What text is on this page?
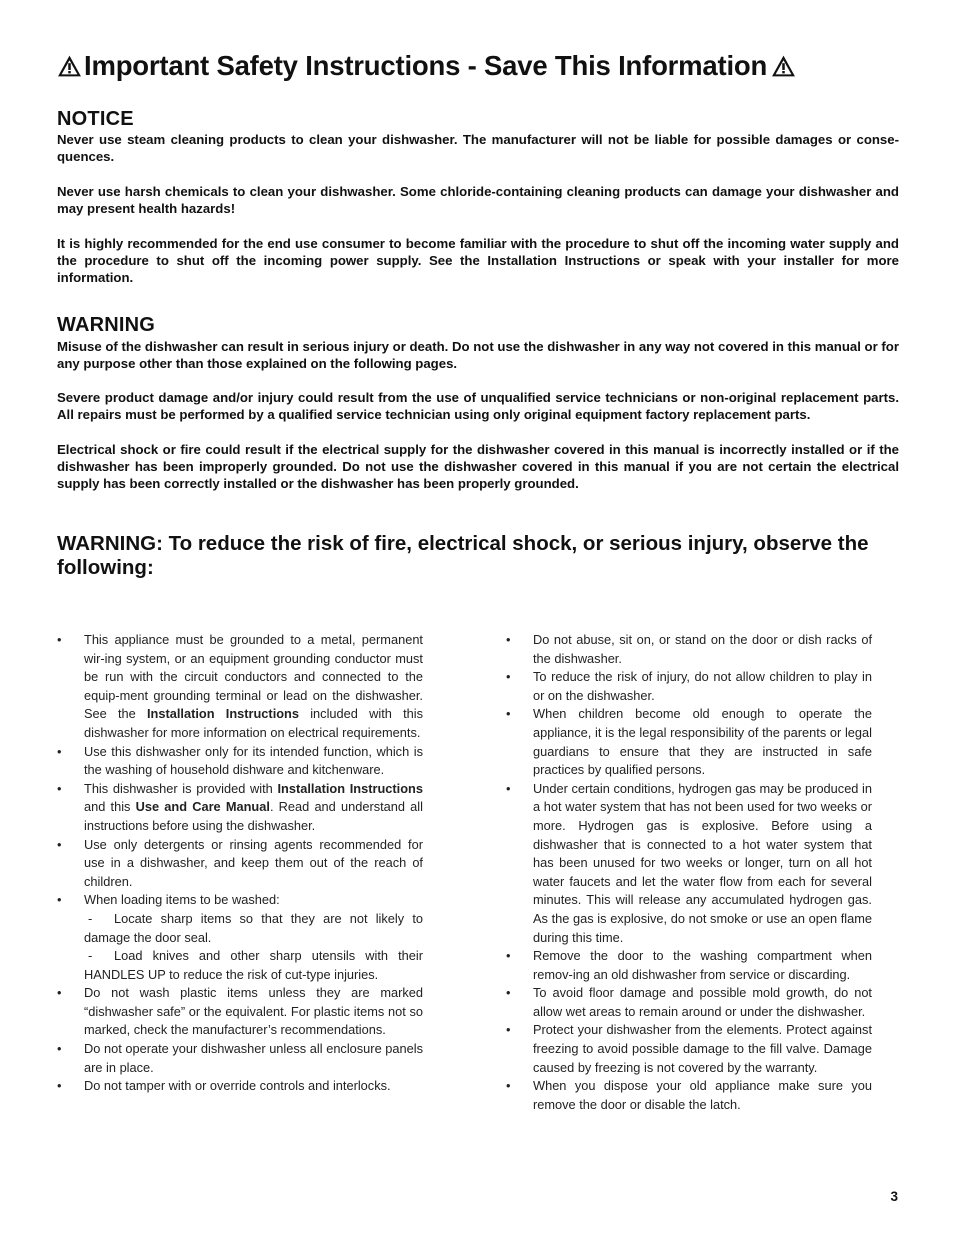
Important Safety Instructions - Save This Information
NOTICE

Never use steam cleaning products to clean your dishwasher. The manufacturer will not be liable for possible damages or conse-quences.

Never use harsh chemicals to clean your dishwasher. Some chloride-containing cleaning products can damage your dishwasher and may present health hazards!

It is highly recommended for the end use consumer to become familiar with the procedure to shut off the incoming water supply and the procedure to shut off the incoming power supply. See the Installation Instructions or speak with your installer for more information.

WARNING

Misuse of the dishwasher can result in serious injury or death. Do not use the dishwasher in any way not covered in this manual or for any purpose other than those explained on the following pages.

Severe product damage and/or injury could result from the use of unqualified service technicians or non-original replacement parts. All repairs must be performed by a qualified service technician using only original equipment factory replacement parts.

Electrical shock or fire could result if the electrical supply for the dishwasher covered in this manual is incorrectly installed or if the dishwasher has been improperly grounded. Do not use the dishwasher covered in this manual if you are not certain the electrical supply has been correctly installed or the dishwasher has been properly grounded.

WARNING: To reduce the risk of fire, electrical shock, or serious injury, observe the following:
• This appliance must be grounded to a metal, permanent wir-ing system, or an equipment grounding conductor must be run with the circuit conductors and connected to the equip-ment grounding terminal or lead on the dishwasher. See the Installation Instructions included with this dishwasher for more information on electrical requirements.
• Use this dishwasher only for its intended function, which is the washing of household dishware and kitchenware.
• This dishwasher is provided with Installation Instructions and this Use and Care Manual. Read and understand all instructions before using the dishwasher.
• Use only detergents or rinsing agents recommended for use in a dishwasher, and keep them out of the reach of children.
• When loading items to be washed:
- Locate sharp items so that they are not likely to damage the door seal.
- Load knives and other sharp utensils with their HANDLES UP to reduce the risk of cut-type injuries.
• Do not wash plastic items unless they are marked “dishwasher safe” or the equivalent. For plastic items not so marked, check the manufacturer’s recommendations.
• Do not operate your dishwasher unless all enclosure panels are in place.
• Do not tamper with or override controls and interlocks.
• Do not abuse, sit on, or stand on the door or dish racks of the dishwasher.
• To reduce the risk of injury, do not allow children to play in or on the dishwasher.
• When children become old enough to operate the appliance, it is the legal responsibility of the parents or legal guardians to ensure that they are instructed in safe practices by qualified persons.
• Under certain conditions, hydrogen gas may be produced in a hot water system that has not been used for two weeks or more. Hydrogen gas is explosive. Before using a dishwasher that is connected to a hot water system that has been unused for two weeks or longer, turn on all hot water faucets and let the water flow from each for several minutes. This will release any accumulated hydrogen gas. As the gas is explosive, do not smoke or use an open flame during this time.
• Remove the door to the washing compartment when remov-ing an old dishwasher from service or discarding.
• To avoid floor damage and possible mold growth, do not allow wet areas to remain around or under the dishwasher.
• Protect your dishwasher from the elements. Protect against freezing to avoid possible damage to the fill valve. Damage caused by freezing is not covered by the warranty.
• When you dispose your old appliance make sure you remove the door or disable the latch.
3
